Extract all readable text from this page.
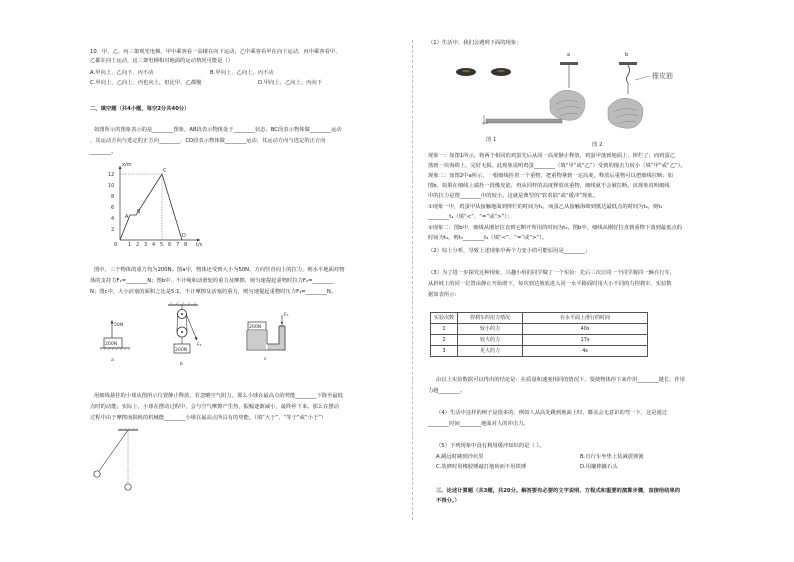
10．甲、乙、丙三架观光电梯，甲中乘客看一高楼在向下运动，乙中乘客看甲在向下运动，丙中乘客看甲、
乙都在向上运动，这三架电梯相对地面的运动情况可能是（）
A.甲向上、乙向下、丙不动	B.甲向上、乙向上、丙不动
C.甲向上、乙向上、丙也向上，但比甲、乙都慢	D.甲向上、乙向上、丙向下
二、填空题（共4小题，每空2分共40分）
如图所示的图象表示的是________图象，AB段表示物体处于________状态，BC段表示物体做________运动
，其运动方向与选定的正方向________，CD段表示物体做________运动，其运动方向与选定的正方向
________。
12
10
8
6
4
2
0 1 2 3 4 5 6 7 8 t/s
x/m
A
B
C
D
图中，三个物体的重力均为200N。图a中，物体还受到大小为50N、方向竖直向上的拉力，则水平地面对物
体的支持力F₁=________N；图b中，不计绳和动滑轮的重力及摩擦，则匀速提起重物时拉力F₂=________
N；图c中，大小活塞的面积之比是5:1，不计摩擦及活塞的重力，则匀速提起重物时压力F₃=________N。
50N
200N
a
F₂
200N
b
F₃
200N
c
用细线悬挂的小球从图所示位置静止释放，若忽略空气阻力，那么小球在最高点的势能________下降至最低
点时的动能；实际上，小球在摆动过程中，会与空气摩擦产生热，振幅逐渐减小，最终停下来。那么在摆动
过程中由于摩擦而损耗的机械能________小球在最高点所具有的势能。（填“大于”、“等于”或“小于”）
（1）生活中，我们会遇到下面的现象：
图 1
a	b
橡皮筋
图 2
现象一：如图1所示，将两个相同的鸡蛋先后从同一高度静止释放，鸡蛋甲落到地面上，摔烂了；而鸡蛋乙
落到一块海绵上，完好无损。此现象说明鸡蛋________（填“甲”或“乙”）受到的撞击力较小（填“甲”或“乙”）。
现象二：如图2中a所示，一根细线拴着一个重物，把重物拿到一定高度，释放后重物可以把细线拉断；如
图b，如果在细线上端拴一段橡皮筋，再从同样的高度释放该重物，细线就不会被拉断。该现象说明细线
中的拉力是图________中的较小。这就是典型的“软着陆”或“缓冲”现象。
①现象一中，鸡蛋甲从接触地面到摔烂的时间为t₁，而蛋乙从接触海绵到抵达最低点的时间为t₂，则t₁
________t₂（填“<”、“=”或“>”）；
②现象二：图b中，细线从刚好拉直到它断开所用的时间为t₃，图b中，细线从刚好拉直到重物下落到最低点的
时间为t₄，则t₃________t₄（填“<”、“=”或“>”）。
（2）综上分析，导致上述现象中两个力变小的可能原因是________；
（3）为了进一步探究这种现象，兴趣小组的同学做了一个实验：先后三次让同一个同学骑同一辆自行车，
从斜坡上的同一位置由静止开始滑下，每次到达坡底进入同一水平路面时用大小不同的力捏刹车，实验数
据如表所示：
实验次数	捏刹车的用力情况	在水平面上滑行的时间
1	较小的力	40s
2	较大的力	17s
3	更大的力	4s
由以上实验数据可以得出的结论是：在质量和速度相同的情况下，要使物体停下来作用________越长，作用
力越________。
（4）生活中这样的例子是很多的，例如人从高处跳到地面上时，膝盖会无意识的弯一下，这是通过
________时间________地面对人的冲击力。
（5）下列现象中没有利用缓冲知识的是（ ）。
A.跳远时跳到沙坑里	B.自行车坐垫上装减震弹簧
C.装修时用橡胶锤敲打地砖而不用铁锤	D.用撬棒撬石头
三、论述计算题（共3题，共20分。解答要有必要的文字说明、方程式和重要的演算步骤，直接给结果的
不得分。）
